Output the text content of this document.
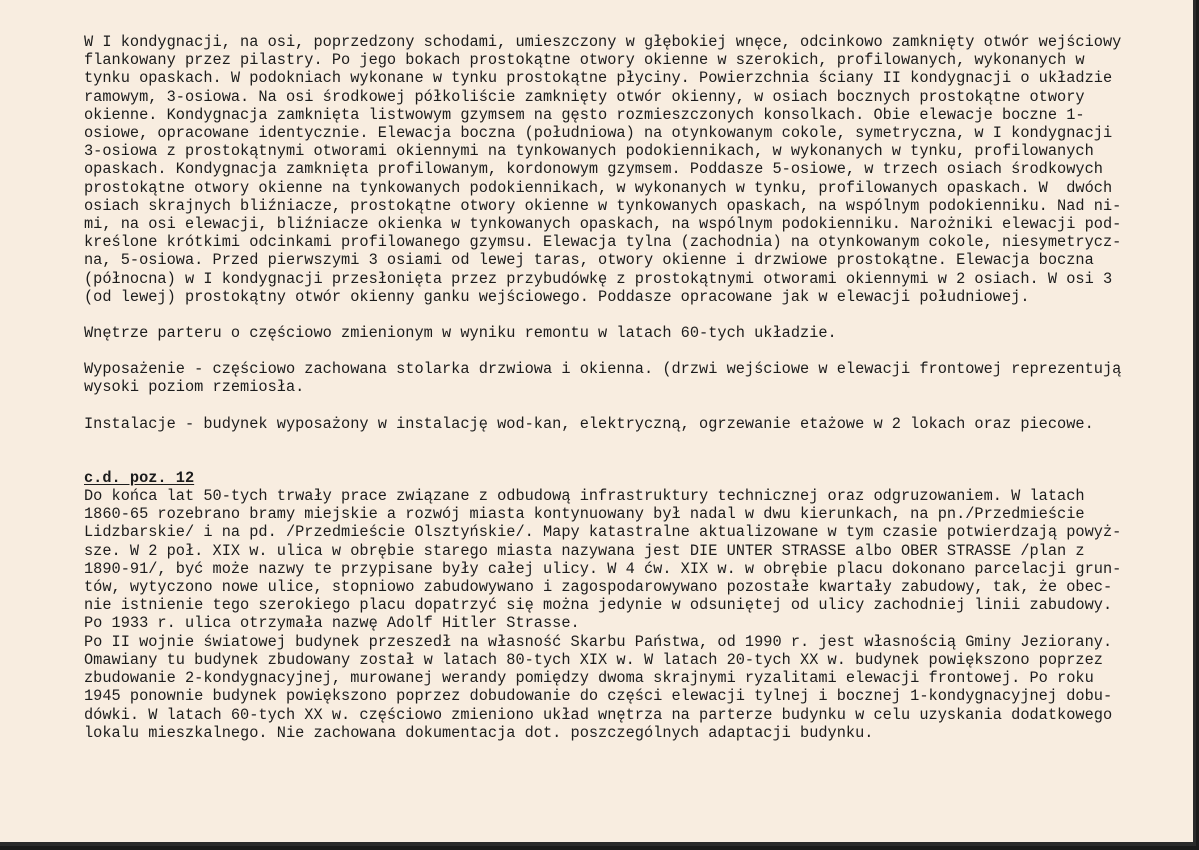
W I kondygnacji, na osi, poprzedzony schodami, umieszczony w głębokiej wnęce, odcinkowo zamknięty otwór wejściowy

flankowany przez pilastry. Po jego bokach prostokątne otwory okienne w szerokich, profilowanych, wykonanych w

tynku opaskach. W podokniach wykonane w tynku prostokątne płyciny. Powierzchnia ściany II kondygnacji o układzie

ramowym, 3-osiowa. Na osi środkowej półkoliście zamknięty otwór okienny, w osiach bocznych prostokątne otwory

okienne. Kondygnacja zamknięta listwowym gzymsem na gęsto rozmieszczonych konsolkach. Obie elewacje boczne 1-

osiowe, opracowane identycznie. Elewacja boczna (południowa) na otynkowanym cokole, symetryczna, w I kondygnacji

3-osiowa z prostokątnymi otworami okiennymi na tynkowanych podokiennikach, w wykonanych w tynku, profilowanych

opaskach. Kondygnacja zamknięta profilowanym, kordonowym gzymsem. Poddasze 5-osiowe, w trzech osiach środkowych

prostokątne otwory okienne na tynkowanych podokiennikach, w wykonanych w tynku, profilowanych opaskach. W  dwóch

osiach skrajnych bliźniacze, prostokątne otwory okienne w tynkowanych opaskach, na wspólnym podokienniku. Nad ni-

mi, na osi elewacji, bliźniacze okienka w tynkowanych opaskach, na wspólnym podokienniku. Narożniki elewacji pod-

kreślone krótkimi odcinkami profilowanego gzymsu. Elewacja tylna (zachodnia) na otynkowanym cokole, niesymetrycz-

na, 5-osiowa. Przed pierwszymi 3 osiami od lewej taras, otwory okienne i drzwiowe prostokątne. Elewacja boczna

(północna) w I kondygnacji przesłonięta przez przybudówkę z prostokątnymi otworami okiennymi w 2 osiach. W osi 3

(od lewej) prostokątny otwór okienny ganku wejściowego. Poddasze opracowane jak w elewacji południowej.

Wnętrze parteru o częściowo zmienionym w wyniku remontu w latach 60-tych układzie.

Wyposażenie - częściowo zachowana stolarka drzwiowa i okienna. (drzwi wejściowe w elewacji frontowej reprezentują

wysoki poziom rzemiosła.

Instalacje - budynek wyposażony w instalację wod-kan, elektryczną, ogrzewanie etażowe w 2 lokach oraz piecowe.

c.d. poz. 12

Do końca lat 50-tych trwały prace związane z odbudową infrastruktury technicznej oraz odgruzowaniem. W latach

1860-65 rozebrano bramy miejskie a rozwój miasta kontynuowany był nadal w dwu kierunkach, na pn./Przedmieście

Lidzbarskie/ i na pd. /Przedmieście Olsztyńskie/. Mapy katastralne aktualizowane w tym czasie potwierdzają powyż-

sze. W 2 poł. XIX w. ulica w obrębie starego miasta nazywana jest DIE UNTER STRASSE albo OBER STRASSE /plan z

1890-91/, być może nazwy te przypisane były całej ulicy. W 4 ćw. XIX w. w obrębie placu dokonano parcelacji grun-

tów, wytyczono nowe ulice, stopniowo zabudowywano i zagospodarowywano pozostałe kwartały zabudowy, tak, że obec-

nie istnienie tego szerokiego placu dopatrzyć się można jedynie w odsuniętej od ulicy zachodniej linii zabudowy.

Po 1933 r. ulica otrzymała nazwę Adolf Hitler Strasse.

Po II wojnie światowej budynek przeszedł na własność Skarbu Państwa, od 1990 r. jest własnością Gminy Jeziorany.

Omawiany tu budynek zbudowany został w latach 80-tych XIX w. W latach 20-tych XX w. budynek powiększono poprzez

zbudowanie 2-kondygnacyjnej, murowanej werandy pomiędzy dwoma skrajnymi ryzalitami elewacji frontowej. Po roku

1945 ponownie budynek powiększono poprzez dobudowanie do części elewacji tylnej i bocznej 1-kondygnacyjnej dobu-

dówki. W latach 60-tych XX w. częściowo zmieniono układ wnętrza na parterze budynku w celu uzyskania dodatkowego

lokalu mieszkalnego. Nie zachowana dokumentacja dot. poszczególnych adaptacji budynku.
